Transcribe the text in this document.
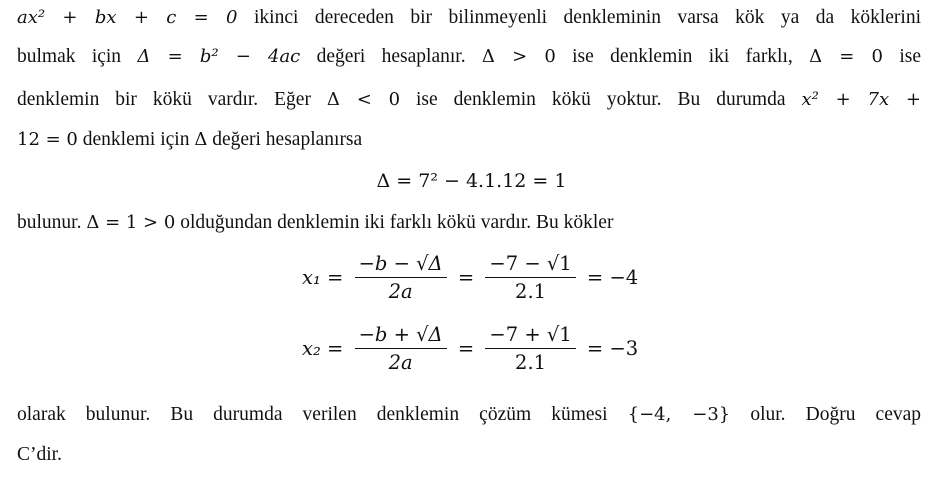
ax² + bx + c = 0 ikinci dereceden bir bilinmeyenli denkleminin varsa kök ya da köklerini
bulmak için Δ = b² − 4ac değeri hesaplanır. Δ > 0 ise denklemin iki farklı, Δ = 0 ise
denklemin bir kökü vardır. Eğer Δ < 0 ise denklemin kökü yoktur. Bu durumda x² + 7x +
12 = 0 denklemi için Δ değeri hesaplanırsa
Δ = 7² − 4.1.12 = 1
bulunur. Δ = 1 > 0 olduğundan denklemin iki farklı kökü vardır. Bu kökler
$x_1 = \frac{-b - √\Delta}{2a} = \frac{-7 - √1}{2.1} = -4$
$x_2 = \frac{-b + √\Delta}{2a} = \frac{-7 + √1}{2.1} = -3$
olarak bulunur. Bu durumda verilen denklemin çözüm kümesi {−4, −3} olur. Doğru cevap
C’dir.
